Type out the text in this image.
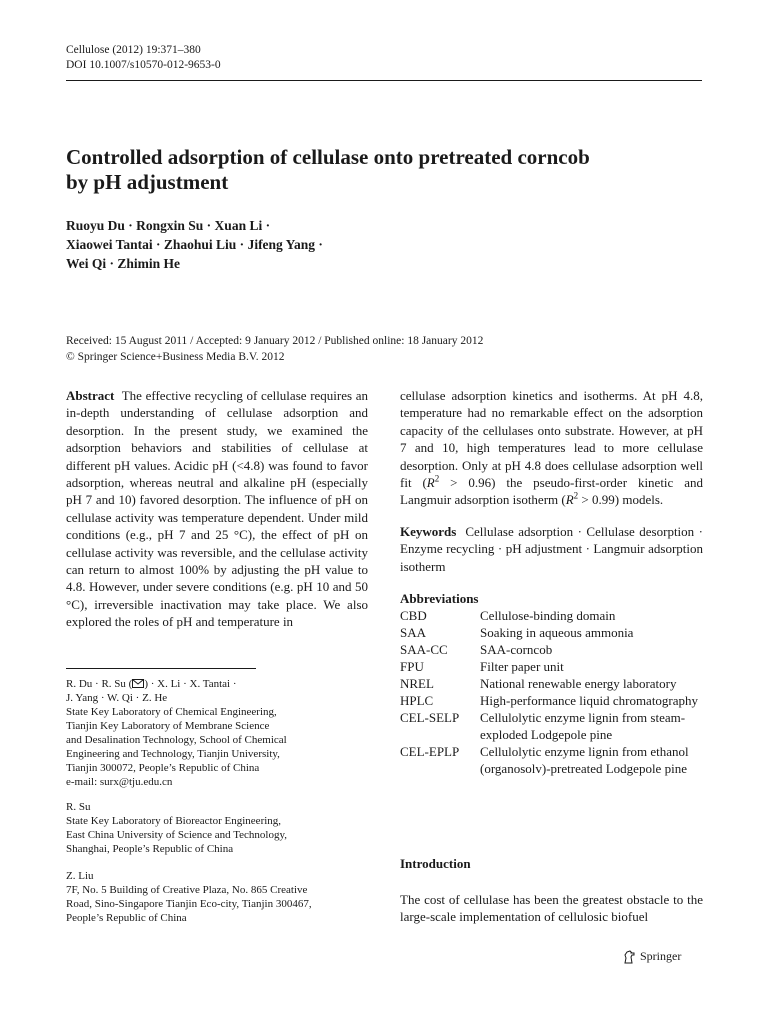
Cellulose (2012) 19:371–380
DOI 10.1007/s10570-012-9653-0
Controlled adsorption of cellulase onto pretreated corncob
by pH adjustment
Ruoyu Du · Rongxin Su · Xuan Li ·
Xiaowei Tantai · Zhaohui Liu · Jifeng Yang ·
Wei Qi · Zhimin He
Received: 15 August 2011 / Accepted: 9 January 2012 / Published online: 18 January 2012
© Springer Science+Business Media B.V. 2012

Abstract The effective recycling of cellulase requires an in-depth understanding of cellulase adsorption and desorption. In the present study, we examined the adsorption behaviors and stabilities of cellulase at different pH values. Acidic pH (<4.8) was found to favor adsorption, whereas neutral and alkaline pH (especially pH 7 and 10) favored desorption. The influence of pH on cellulase activity was temperature dependent. Under mild conditions (e.g., pH 7 and 25 °C), the effect of pH on cellulase activity was reversible, and the cellulase activity can return to almost 100% by adjusting the pH value to 4.8. However, under severe conditions (e.g. pH 10 and 50 °C), irreversible inactivation may take place. We also explored the roles of pH and temperature in

R. Du · R. Su ( ) · X. Li · X. Tantai ·

J. Yang · W. Qi · Z. He

State Key Laboratory of Chemical Engineering,

Tianjin Key Laboratory of Membrane Science

and Desalination Technology, School of Chemical

Engineering and Technology, Tianjin University,

Tianjin 300072, People’s Republic of China

e-mail: surx@tju.edu.cn

R. Su

State Key Laboratory of Bioreactor Engineering,

East China University of Science and Technology,

Shanghai, People’s Republic of China

Z. Liu

7F, No. 5 Building of Creative Plaza, No. 865 Creative

Road, Sino-Singapore Tianjin Eco-city, Tianjin 300467,

People’s Republic of China

cellulase adsorption kinetics and isotherms. At pH 4.8, temperature had no remarkable effect on the adsorption capacity of the cellulases onto substrate. However, at pH 7 and 10, high temperatures lead to more cellulase desorption. Only at pH 4.8 does cellulase adsorption well fit $(R^2 > 0.96)$ the pseudo-first-order kinetic and Langmuir adsorption isotherm $(R^2 > 0.99)$ models.

Keywords Cellulase adsorption · Cellulase desorption · Enzyme recycling · pH adjustment · Langmuir adsorption isotherm

Abbreviations
CBD	Cellulose-binding domain
SAA	Soaking in aqueous ammonia
SAA-CC	SAA-corncob
FPU	Filter paper unit
NREL	National renewable energy laboratory
HPLC	High-performance liquid chromatography
CEL-SELP	Cellulolytic enzyme lignin from steam-exploded Lodgepole pine
CEL-EPLP	Cellulolytic enzyme lignin from ethanol (organosolv)-pretreated Lodgepole pine
Introduction

The cost of cellulase has been the greatest obstacle to the large-scale implementation of cellulosic biofuel

Springer
